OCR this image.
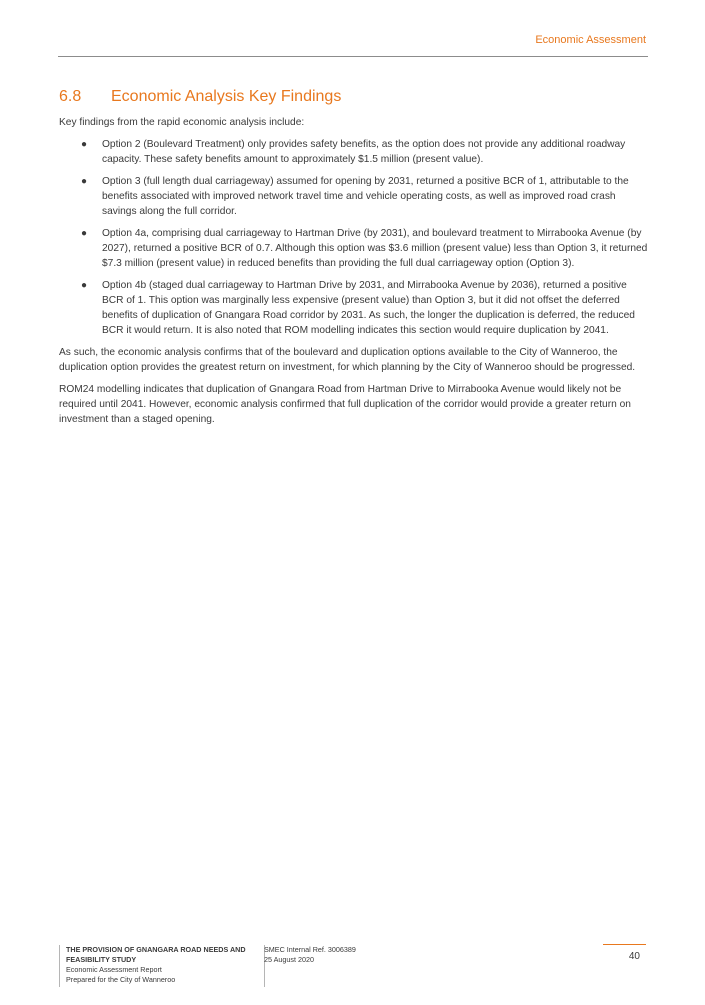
Economic Assessment
6.8 Economic Analysis Key Findings

Key findings from the rapid economic analysis include:

● Option 2 (Boulevard Treatment) only provides safety benefits, as the option does not provide any additional roadway capacity. These safety benefits amount to approximately $1.5 million (present value).
● Option 3 (full length dual carriageway) assumed for opening by 2031, returned a positive BCR of 1, attributable to the benefits associated with improved network travel time and vehicle operating costs, as well as improved road crash savings along the full corridor.
● Option 4a, comprising dual carriageway to Hartman Drive (by 2031), and boulevard treatment to Mirrabooka Avenue (by 2027), returned a positive BCR of 0.7. Although this option was $3.6 million (present value) less than Option 3, it returned $7.3 million (present value) in reduced benefits than providing the full dual carriageway option (Option 3).
● Option 4b (staged dual carriageway to Hartman Drive by 2031, and Mirrabooka Avenue by 2036), returned a positive BCR of 1. This option was marginally less expensive (present value) than Option 3, but it did not offset the deferred benefits of duplication of Gnangara Road corridor by 2031. As such, the longer the duplication is deferred, the reduced BCR it would return. It is also noted that ROM modelling indicates this section would require duplication by 2041.

As such, the economic analysis confirms that of the boulevard and duplication options available to the City of Wanneroo, the duplication option provides the greatest return on investment, for which planning by the City of Wanneroo should be progressed.

ROM24 modelling indicates that duplication of Gnangara Road from Hartman Drive to Mirrabooka Avenue would likely not be required until 2041. However, economic analysis confirmed that full duplication of the corridor would provide a greater return on investment than a staged opening.

THE PROVISION OF GNANGARA ROAD NEEDS AND
FEASIBILITY STUDY
Economic Assessment Report
Prepared for the City of Wanneroo
SMEC Internal Ref. 3006389
25 August 2020	40
